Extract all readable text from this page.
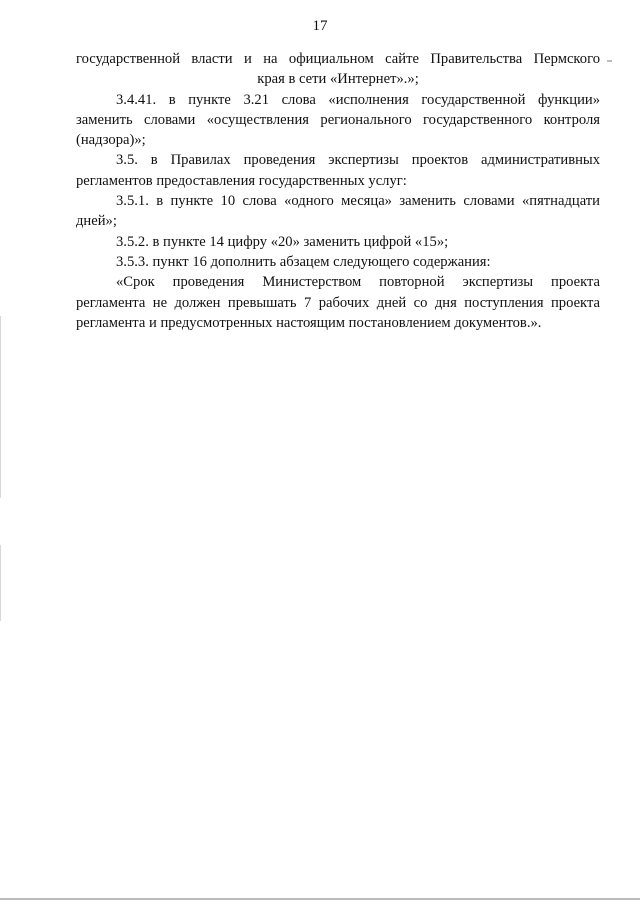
17
государственной власти и на официальном сайте Правительства Пермского
края в сети «Интернет».»;
3.4.41. в пункте 3.21 слова «исполнения государственной функции»
заменить словами «осуществления регионального государственного контроля
(надзора)»;
3.5. в Правилах проведения экспертизы проектов административных
регламентов предоставления государственных услуг:
3.5.1. в пункте 10 слова «одного месяца» заменить словами «пятнадцати
дней»;
3.5.2. в пункте 14 цифру «20» заменить цифрой «15»;
3.5.3. пункт 16 дополнить абзацем следующего содержания:
«Срок проведения Министерством повторной экспертизы проекта
регламента не должен превышать 7 рабочих дней со дня поступления проекта
регламента и предусмотренных настоящим постановлением документов.».
